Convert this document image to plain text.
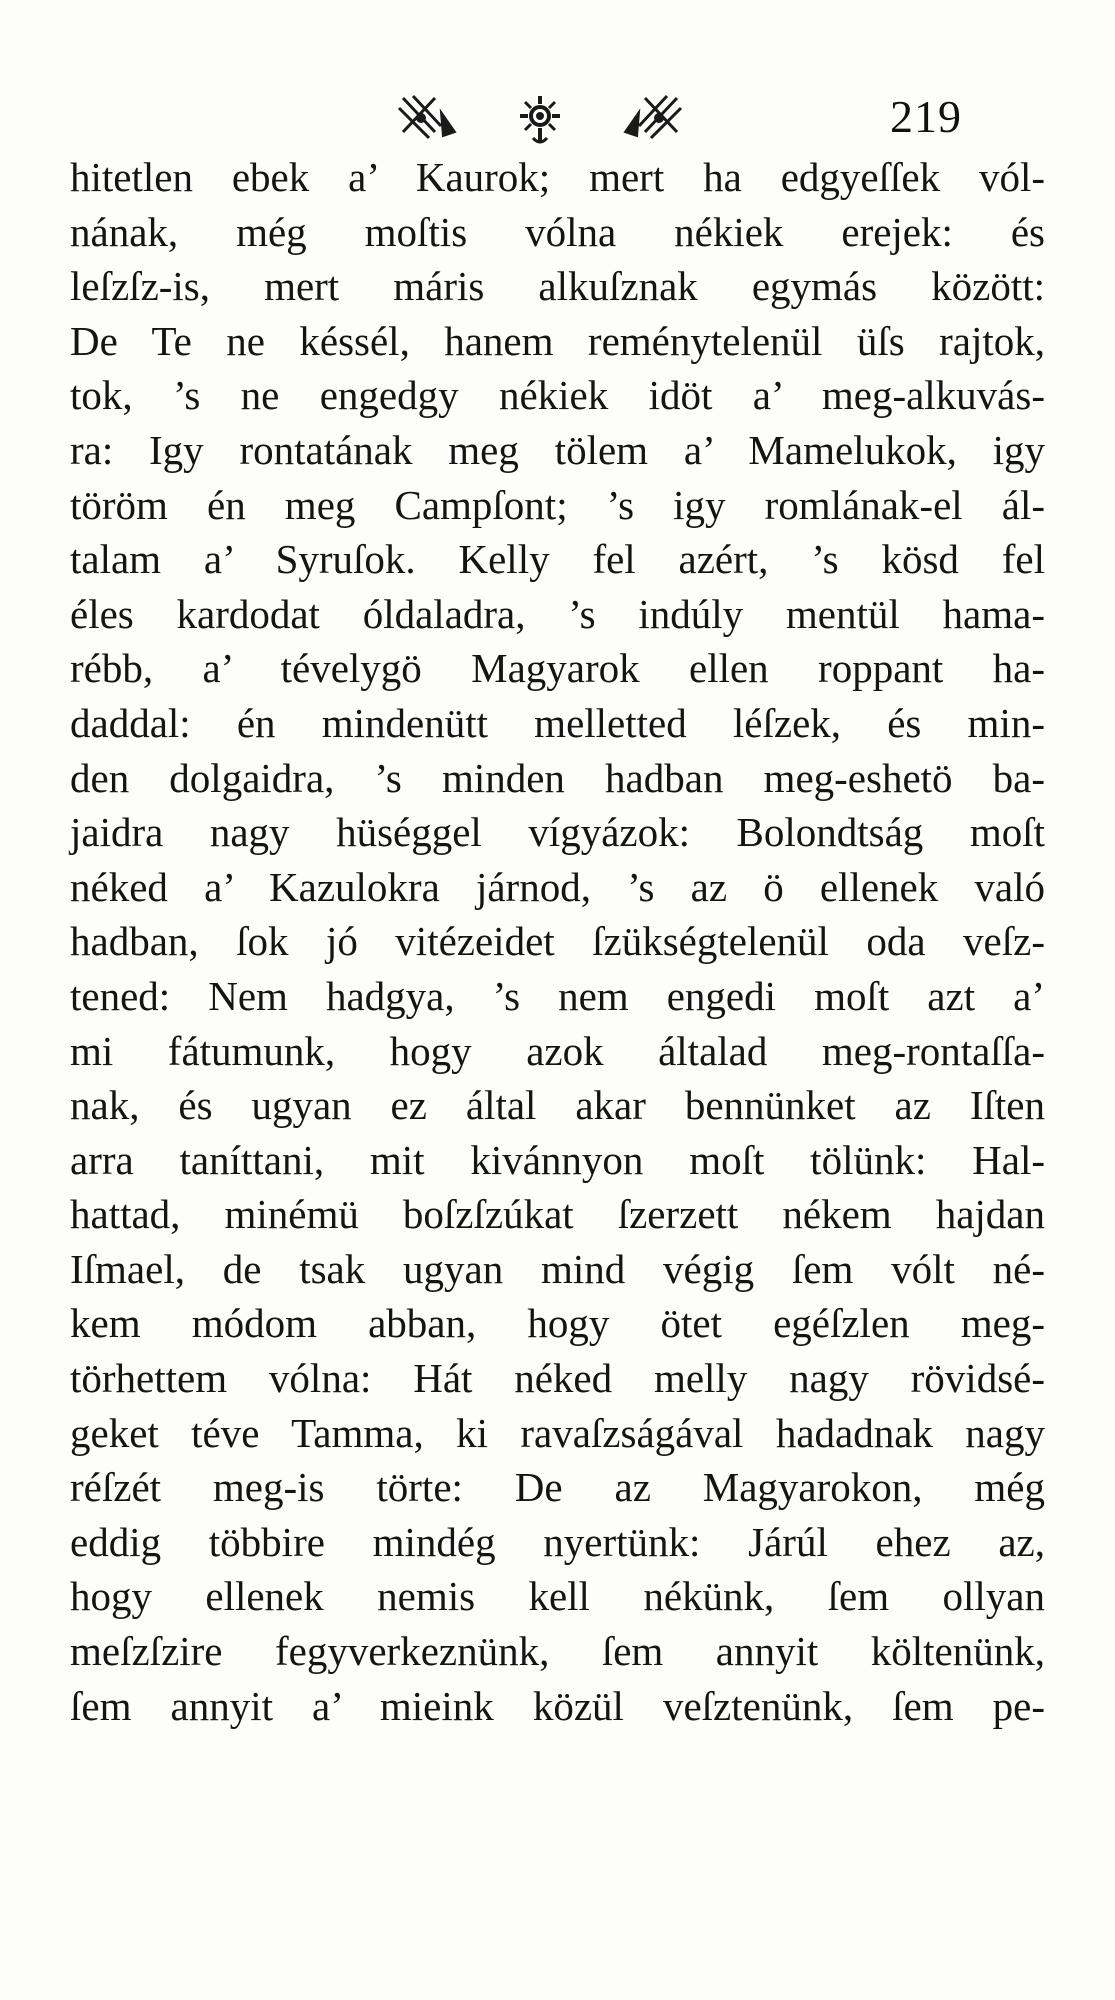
219
hitetlen ebek a’ Kaurok; mert ha edgyeſſek vól-
nának, még moſtis vólna nékiek erejek: és
leſzſz-is, mert máris alkuſznak egymás között:
De Te ne késsél, hanem reménytelenül üſs rajtok,
tok, ’s ne engedgy nékiek idöt a’ meg-alkuvás-
ra: Igy rontatának meg tölem a’ Mamelukok, igy
töröm én meg Campſont; ’s igy romlának-el ál-
talam a’ Syruſok. Kelly fel azért, ’s kösd fel
éles kardodat óldaladra, ’s indúly mentül hama-
rébb, a’ tévelygö Magyarok ellen roppant ha-
daddal: én mindenütt melletted léſzek, és min-
den dolgaidra, ’s minden hadban meg-eshetö ba-
jaidra nagy hüséggel vígyázok: Bolondtság moſt
néked a’ Kazulokra járnod, ’s az ö ellenek való
hadban, ſok jó vitézeidet ſzükségtelenül oda veſz-
tened: Nem hadgya, ’s nem engedi moſt azt a’
mi fátumunk, hogy azok általad meg-rontaſſa-
nak, és ugyan ez által akar bennünket az Iſten
arra taníttani, mit kivánnyon moſt tölünk: Hal-
hattad, minémü boſzſzúkat ſzerzett nékem hajdan
Iſmael, de tsak ugyan mind végig ſem vólt né-
kem módom abban, hogy ötet egéſzlen meg-
törhettem vólna: Hát néked melly nagy rövidsé-
geket téve Tamma, ki ravaſzságával hadadnak nagy
réſzét meg-is törte: De az Magyarokon, még
eddig többire mindég nyertünk: Járúl ehez az,
hogy ellenek nemis kell nékünk, ſem ollyan
meſzſzire fegyverkeznünk, ſem annyit költenünk,
ſem annyit a’ mieink közül veſztenünk, ſem pe-
